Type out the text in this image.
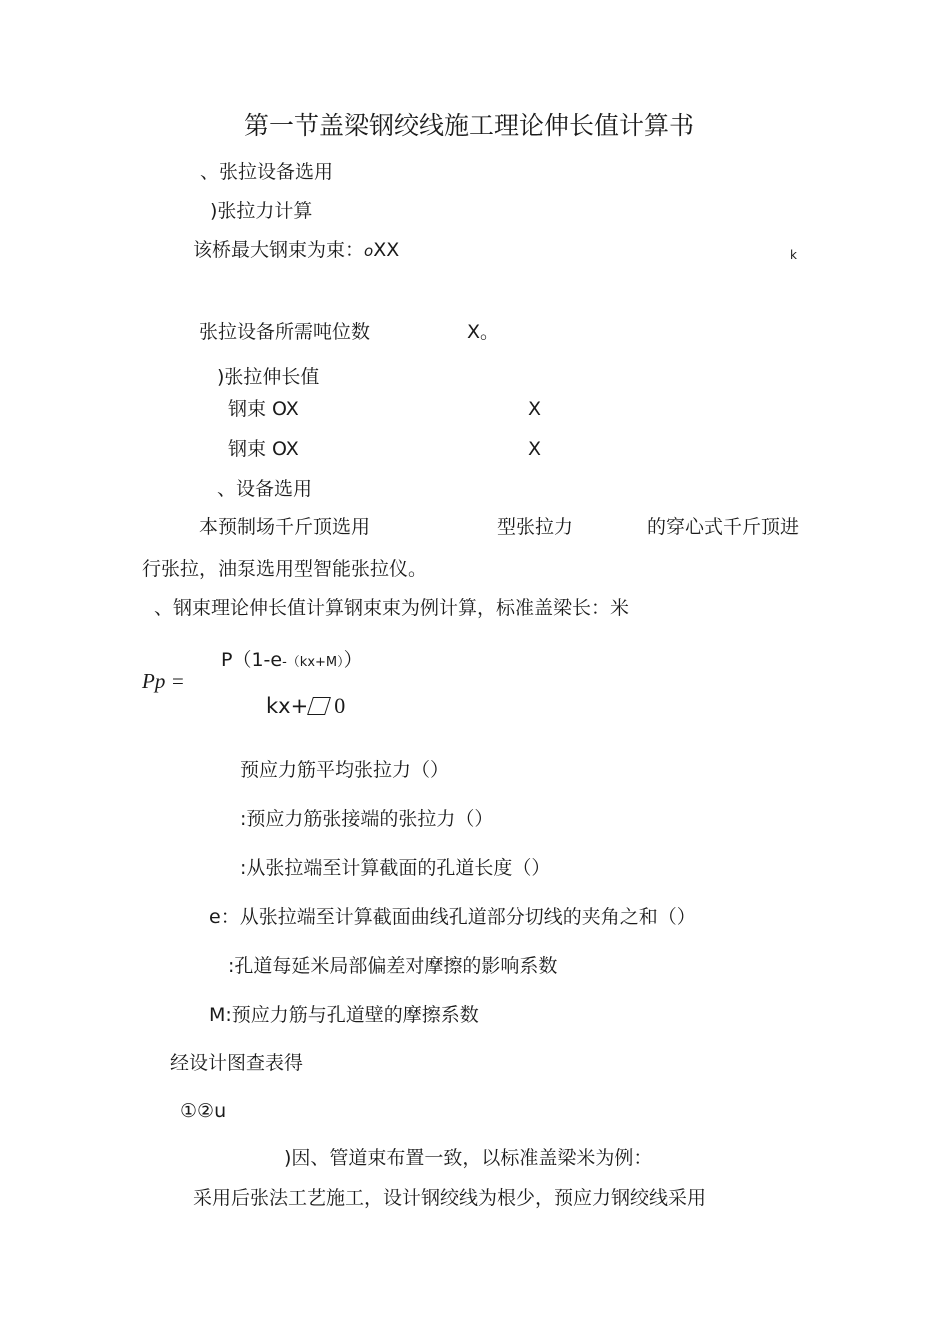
第一节盖梁钢绞线施工理论伸长值计算书
、张拉设备选用
)张拉力计算
该桥最大钢束为束：oXX	k
张拉设备所需吨位数	X。
)张拉伸长值
钢束 OX	X
钢束 OX	X
、设备选用
本预制场千斤顶选用	型张拉力	的穿心式千斤顶进
行张拉，油泵选用型智能张拉仪。
、钢束理论伸长值计算钢束束为例计算，标准盖梁长：米
P（1-e-（kx+M））
Pp =
kx+ 0
预应力筋平均张拉力（）
:预应力筋张接端的张拉力（）
:从张拉端至计算截面的孔道长度（）
e：从张拉端至计算截面曲线孔道部分切线的夹角之和（）
:孔道每延米局部偏差对摩擦的影响系数
M:预应力筋与孔道壁的摩擦系数
经设计图查表得
①②u
)因、管道束布置一致，以标准盖梁米为例：
采用后张法工艺施工，设计钢绞线为根少，预应力钢绞线采用
